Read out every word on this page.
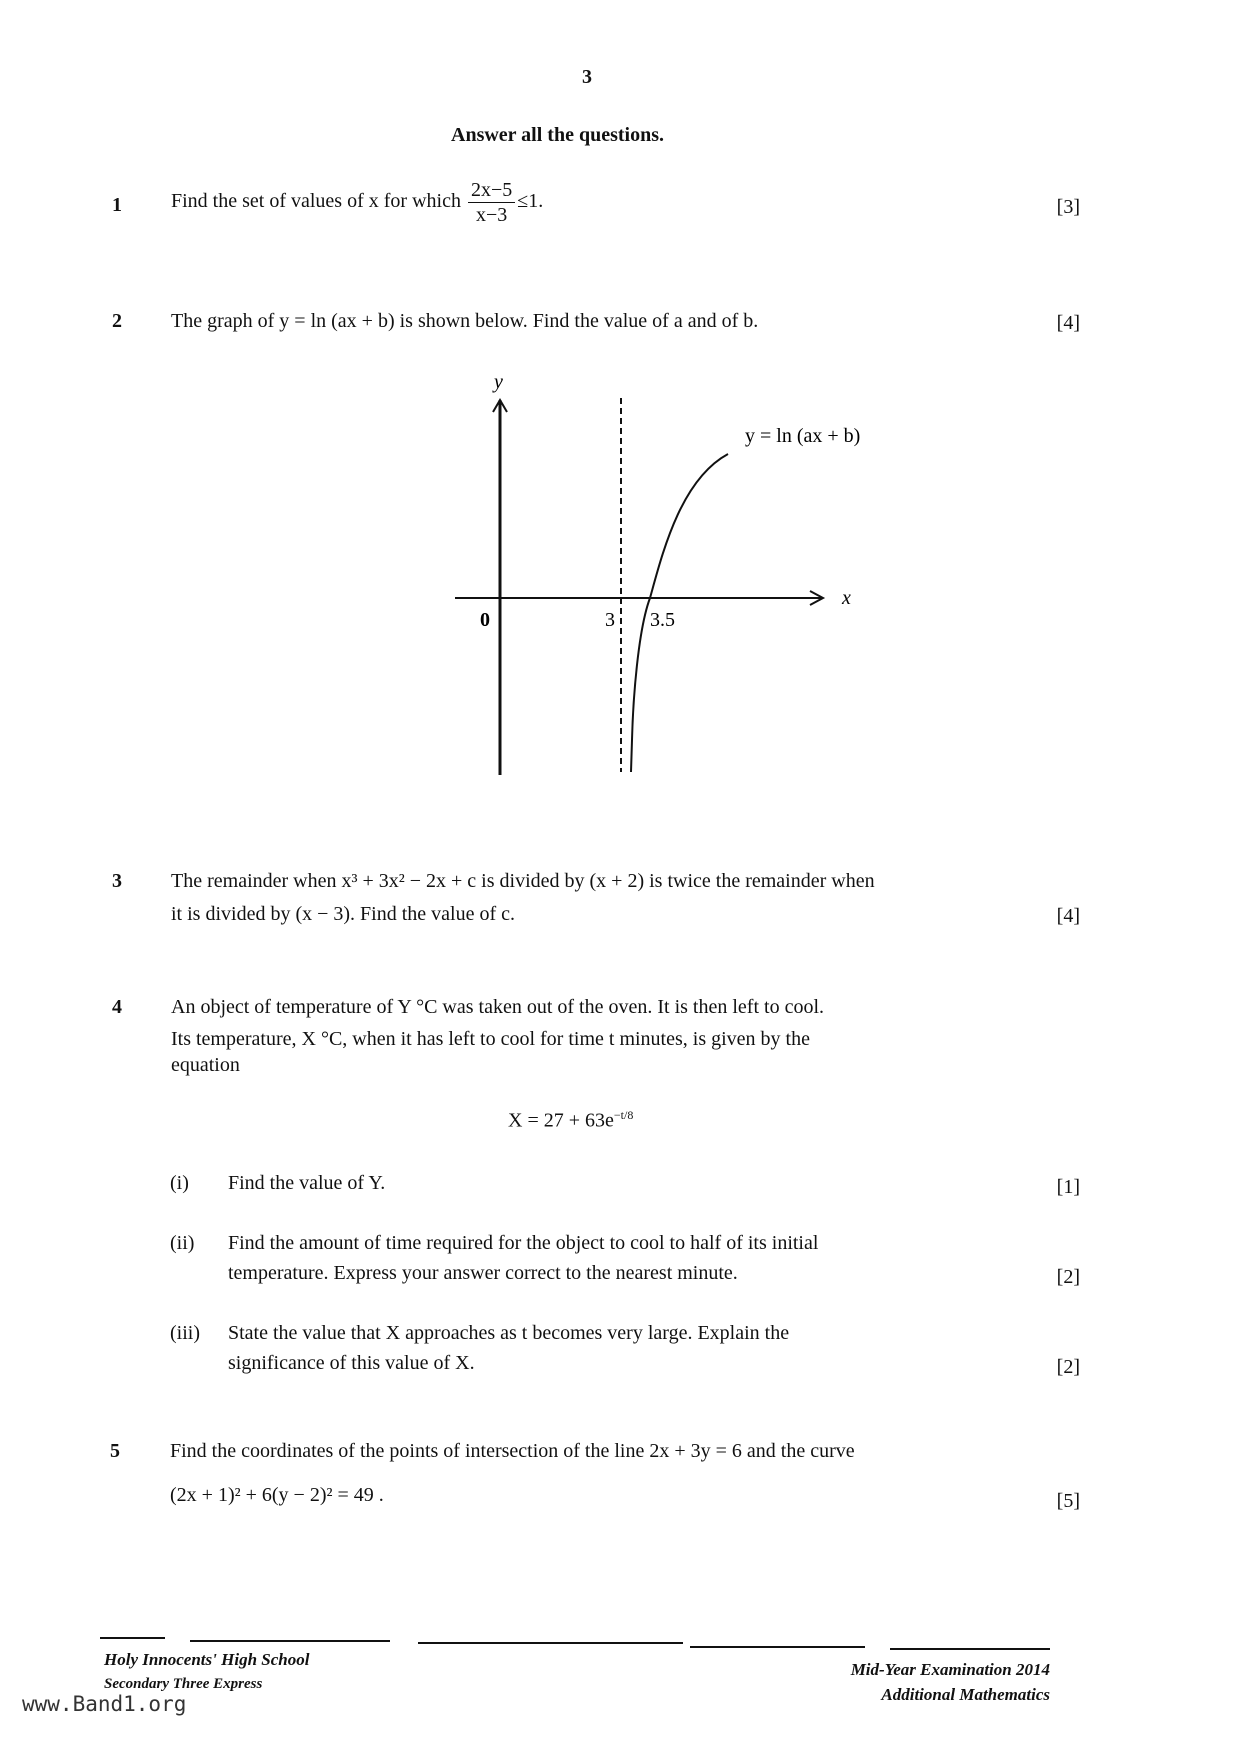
3
Answer all the questions.
1 Find the set of values of x for which $\frac{2x-5}{x-3} \le 1$.	[3]
2 The graph of y = ln (ax + b) is shown below. Find the value of a and of b.	[4]
y
x
0	3 3.5
y = ln (ax + b)
3 The remainder when x³ + 3x² − 2x + c is divided by (x + 2) is twice the remainder when
it is divided by (x − 3). Find the value of c.	[4]
4 An object of temperature of Y °C was taken out of the oven. It is then left to cool.
Its temperature, X °C, when it has left to cool for time t minutes, is given by the
equation
$X = 27 + 63e^{-t/8}$
(i) Find the value of Y.	[1]
(ii) Find the amount of time required for the object to cool to half of its initial
temperature. Express your answer correct to the nearest minute.	[2]
(iii) State the value that X approaches as t becomes very large. Explain the
significance of this value of X.	[2]
5	Find the coordinates of the points of intersection of the line 2x + 3y = 6 and the curve
(2x + 1)² + 6(y − 2)² = 49 .	[5]
Holy Innocents' High School
Secondary Three Express
Mid-Year Examination 2014
Additional Mathematics
www.Band1.org
